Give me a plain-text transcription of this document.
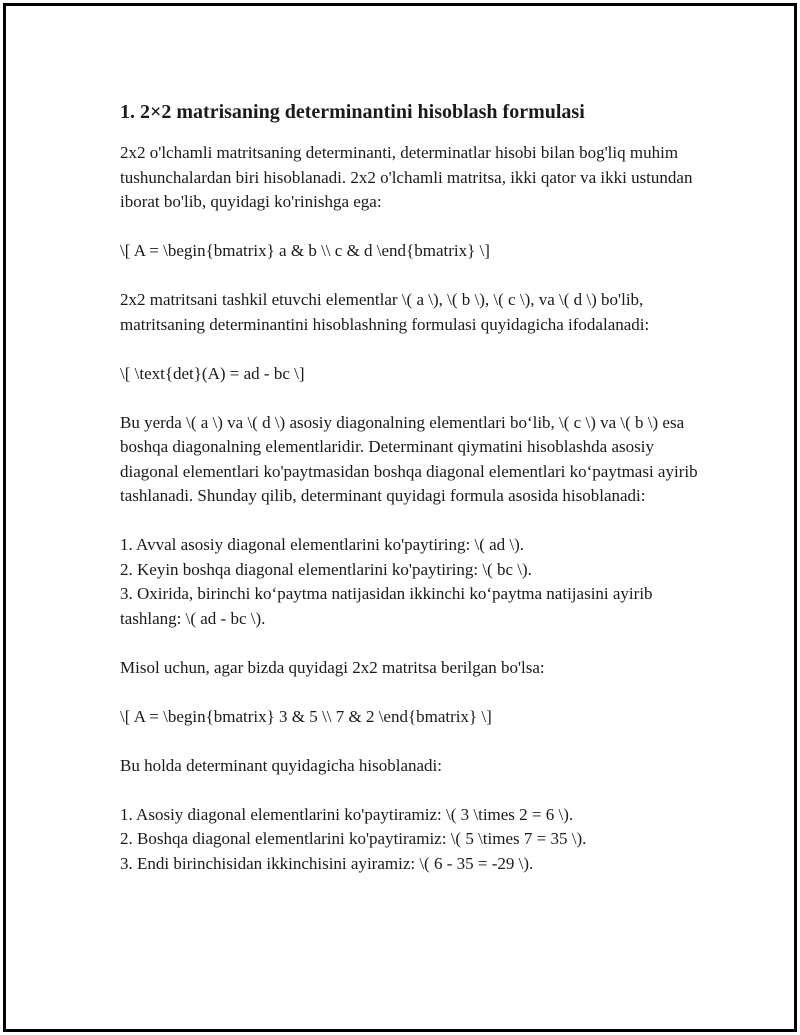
1. 2×2 matrisaning determinantini hisoblash formulasi

2x2 o'lchamli matritsaning determinanti, determinatlar hisobi bilan bog'liq muhim tushunchalardan biri hisoblanadi. 2x2 o'lchamli matritsa, ikki qator va ikki ustundan iborat bo'lib, quyidagi ko'rinishga ega:

\[ A = \begin{bmatrix} a & b \\ c & d \end{bmatrix} \]

2x2 matritsani tashkil etuvchi elementlar \( a \), \( b \), \( c \), va \( d \) bo'lib, matritsaning determinantini hisoblashning formulasi quyidagicha ifodalanadi:

\[ \text{det}(A) = ad - bc \]

Bu yerda \( a \) va \( d \) asosiy diagonalning elementlari bo‘lib, \( c \) va \( b \) esa boshqa diagonalning elementlaridir. Determinant qiymatini hisoblashda asosiy diagonal elementlari ko'paytmasidan boshqa diagonal elementlari ko‘paytmasi ayirib tashlanadi. Shunday qilib, determinant quyidagi formula asosida hisoblanadi:

1. Avval asosiy diagonal elementlarini ko'paytiring: \( ad \).
2. Keyin boshqa diagonal elementlarini ko'paytiring: \( bc \).
3. Oxirida, birinchi ko‘paytma natijasidan ikkinchi ko‘paytma natijasini ayirib tashlang: \( ad - bc \).

Misol uchun, agar bizda quyidagi 2x2 matritsa berilgan bo'lsa:

\[ A = \begin{bmatrix} 3 & 5 \\ 7 & 2 \end{bmatrix} \]

Bu holda determinant quyidagicha hisoblanadi:

1. Asosiy diagonal elementlarini ko'paytiramiz: \( 3 \times 2 = 6 \).
2. Boshqa diagonal elementlarini ko'paytiramiz: \( 5 \times 7 = 35 \).
3. Endi birinchisidan ikkinchisini ayiramiz: \( 6 - 35 = -29 \).
